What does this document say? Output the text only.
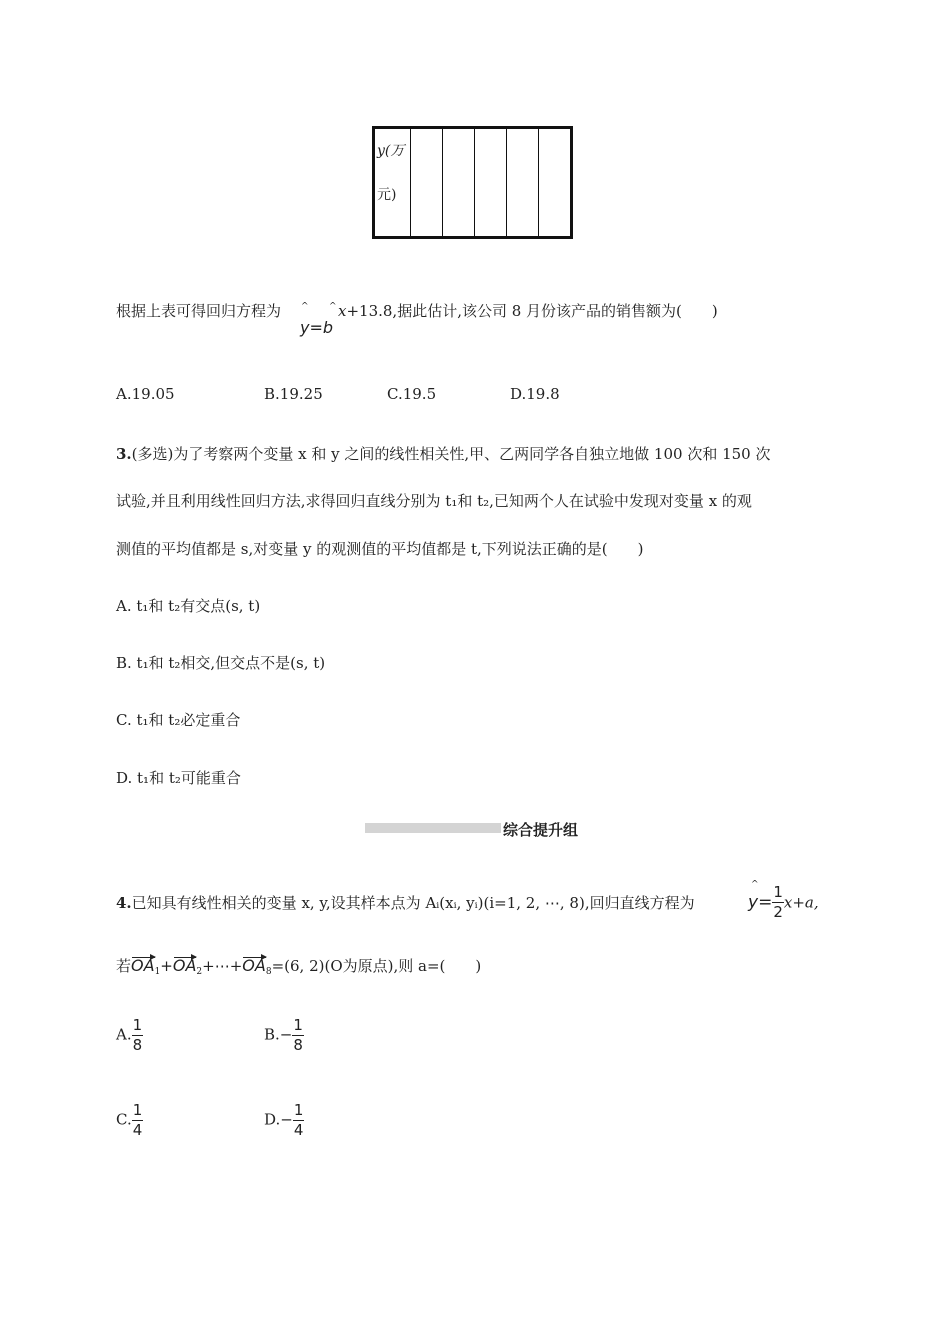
y(万
元)					
根据上表可得回归方程为 ^ ^
y=b
x+13.8,据此估计,该公司 8 月份该产品的销售额为(　　)
A.19.05	B.19.25	C.19.5	D.19.8
3.(多选)为了考察两个变量 x 和 y 之间的线性相关性,甲、乙两同学各自独立地做 100 次和 150 次
试验,并且利用线性回归方法,求得回归直线分别为 t₁和 t₂,已知两个人在试验中发现对变量 x 的观
测值的平均值都是 s,对变量 y 的观测值的平均值都是 t,下列说法正确的是(　　)
A. t₁和 t₂有交点(s, t)
B. t₁和 t₂相交,但交点不是(s, t)
C. t₁和 t₂必定重合
D. t₁和 t₂可能重合
综合提升组
4.已知具有线性相关的变量 x, y,设其样本点为 Aᵢ(xᵢ, yᵢ)(i=1, 2, ⋯, 8),回归直线方程为
^
$y= \frac{1}{2} x+a$,
若$OA_1+OA_2+\cdots+OA_8=(6$, 2)(O为原点),则 a=(　　)
A. $\frac{1}{8}$	$B.- \frac{1}{8}$
C. $\frac{1}{4}$	$D.- \frac{1}{4}$
